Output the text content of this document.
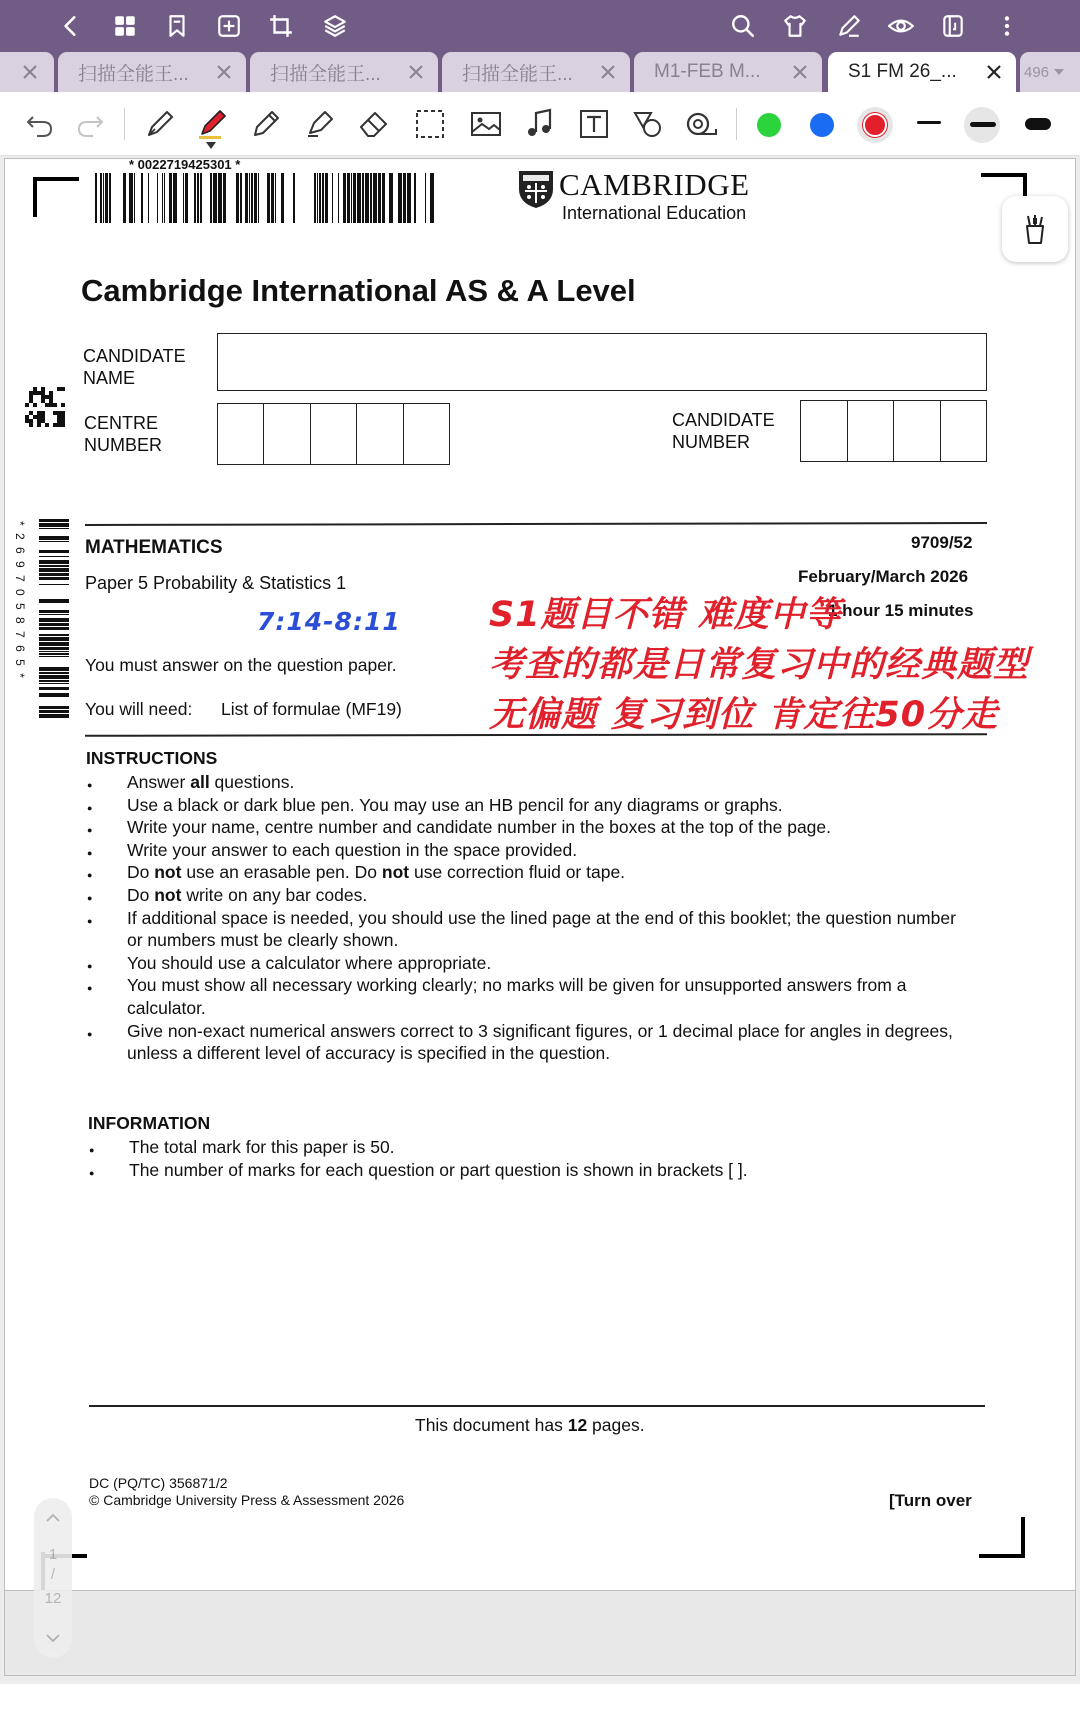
扫描全能王...	扫描全能王...	扫描全能王...	M1-FEB M...	S1 FM 26_...	496
* 0022719425301 *
CAMBRIDGE
International Education
Cambridge International AS & A Level
CANDIDATE
NAME
CENTRE
NUMBER
CANDIDATE
NUMBER
* 2 6 9 7 0 5 8 7 6 5 *	MATHEMATICS	9709/52
Paper 5 Probability & Statistics 1	February/March 2026
1 hour 15 minutes
You must answer on the question paper.
You will need: List of formulae (MF19)
7:14-8:11	S1题目不错 难度中等
考查的都是日常复习中的经典题型
无偏题 复习到位 肯定往50分走
INSTRUCTIONS
● Answer all questions.
● Use a black or dark blue pen. You may use an HB pencil for any diagrams or graphs.
● Write your name, centre number and candidate number in the boxes at the top of the page.
● Write your answer to each question in the space provided.
● Do not use an erasable pen. Do not use correction fluid or tape.
● Do not write on any bar codes.
● If additional space is needed, you should use the lined page at the end of this booklet; the question number or numbers must be clearly shown.
● You should use a calculator where appropriate.
● You must show all necessary working clearly; no marks will be given for unsupported answers from a calculator.
● Give non-exact numerical answers correct to 3 significant figures, or 1 decimal place for angles in degrees, unless a different level of accuracy is specified in the question.
INFORMATION
● The total mark for this paper is 50.
● The number of marks for each question or part question is shown in brackets [ ].
This document has 12 pages.
DC (PQ/TC) 356871/2
© Cambridge University Press & Assessment 2026	[Turn over
1
/
12
